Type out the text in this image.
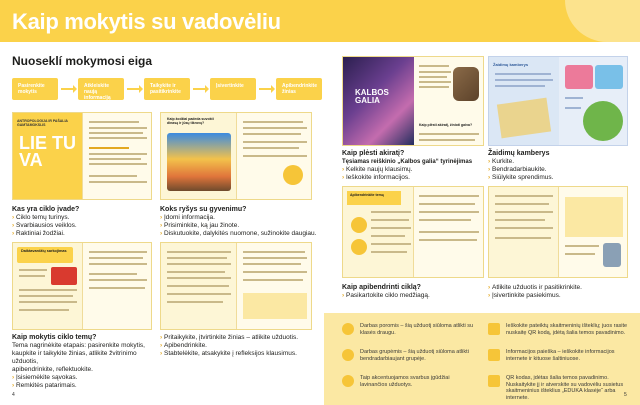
Kaip mokytis su vadovėliu
Nuoseklí mokymosi eiga
Pasirenkite mokytis
Atkleiskite naują informaciją
Taikykite ir pasitikrinkite
Įsivertinkite	Apibendrinkite žinias
ANTROPOLOGIJA IR PAŠALIA GAMTAMOKSLIS
LIE TU VA
Kaip žodžiai padeda suvokti dinasą ir jūsų tikrovę?
KALBOS GALIA
Kaip plėsti akiratį, žinioti gaiva?
Žaidimų kamberys
Kas yra ciklo įvade?
› Ciklo temų turinys.
› Svarbiausios veiklos.
› Raktiniai žodžiai.
Koks ryšys su gyvenimu?
› Įdomi informacija.
› Prisiminkite, ką jau žinote.
› Diskutuokite, dalykitės nuomone, sužinokite daugiau.
Kaip plėsti akiratį?
Tęsiamas reiškinio „Kalbos galia“ tyrinėjimas
› Kelkite naujų klausimų.
› Ieškokite informacijos.
Žaidimų kamberys
› Kurkite.
› Bendradarbiaukite.
› Siūlykite sprendimus.
Daiktavardžių sarkojimas
Kaip mokytis ciklo temų?
Tema nagrinėkite etapais: pasirenkite mokytis,
kaupkite ir taikykite žinias, atlikite žvitrinimo užduotis,
apibendrinkite, reflektuokite.
› Įsisiemėkite sąvokas.
› Remkitės patarimais.
› Pritaikykite, įtvirtinkite žinias – atlikite užduotis.
› Apibendrinkite.
› Stabtelėkite, atsakykite į refleksijos klausimus.
Apibendrinkite temą
Kaip apibendrinti ciklą?
› Pasikartokite ciklo medžiagą.
› Atlikite užduotis ir pasitikrinkite.
› Įsivertinkite pasiekimus.
Darbas poromis – šią užduotį siūloma atlikti su klasės draugu.
Darbas grupėmis – šią užduotį siūloma atlikti bendradarbiaujant grupėje.
Taip akcentuojamos svarbus įgūdžiai lavinančios užduotys.
Ieškokite pateiktų skaitmeninių išteklių; juos rasite nuskaitę QR kodą, įdėtą šalia temos pavadinimo.
Informacijos paieška – ieškokite informacijos internete ir kituose šaltiniuose.
QR kodas, įdėtas šalia temos pavadinimo. Nuskaitykite jį ir atverskite su vadovėliu susietus skaitmeninius išteklius „EDUKA klasėje“ arba internete.
4	5
